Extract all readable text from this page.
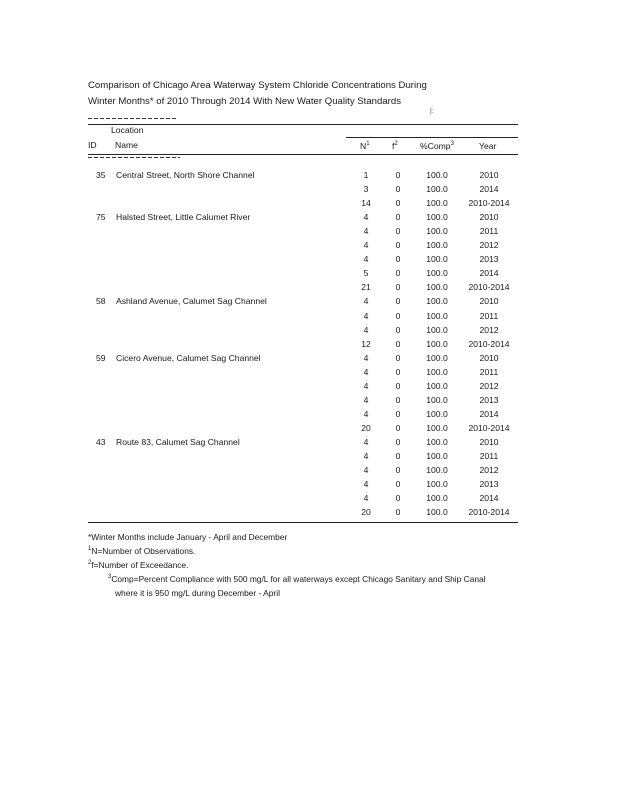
Comparison of Chicago Area Waterway System Chloride Concentrations During
Winter Months* of 2010 Through 2014 With New Water Quality Standards
|:
Location
ID Name	$N^1$	$f^2$	%Comp$^3$	Year
35 Central Street, North Shore Channel	1	0	100.0	2010
3	0	100.0	2014
14	0	100.0	2010-2014
75 Halsted Street, Little Calumet River	4	0	100.0	2010
4	0	100.0	2011
4	0	100.0	2012
4	0	100.0	2013
5	0	100.0	2014
21	0	100.0	2010-2014
58 Ashland Avenue, Calumet Sag Channel	4	0	100.0	2010
4	0	100.0	2011
4	0	100.0	2012
12	0	100.0	2010-2014
59 Cicero Avenue, Calumet Sag Channel	4	0	100.0	2010
4	0	100.0	2011
4	0	100.0	2012
4	0	100.0	2013
4	0	100.0	2014
20	0	100.0	2010-2014
43 Route 83, Calumet Sag Channel	4	0	100.0	2010
4	0	100.0	2011
4	0	100.0	2012
4	0	100.0	2013
4	0	100.0	2014
20	0	100.0	2010-2014
*Winter Months include January - April and December
$^1$N=Number of Observations.
$^2$f=Number of Exceedance.
$^3$Comp=Percent Compliance with 500 mg/L for all waterways except Chicago Sanitary and Ship Canal
where it is 950 mg/L during December - April
